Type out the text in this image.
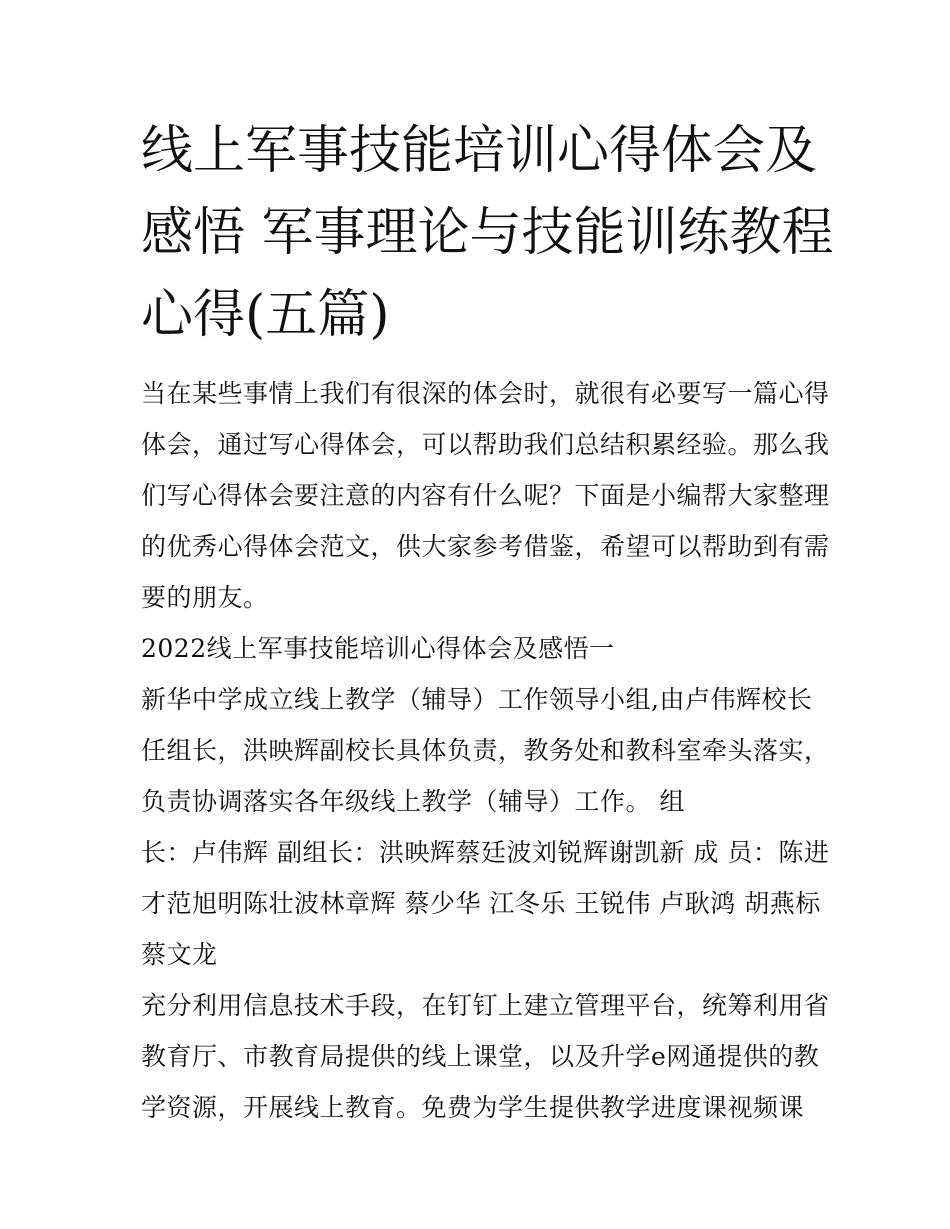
线上军事技能培训心得体会及
感悟 军事理论与技能训练教程
心得(五篇)

当在某些事情上我们有很深的体会时，就很有必要写一篇心得
体会，通过写心得体会，可以帮助我们总结积累经验。那么我
们写心得体会要注意的内容有什么呢？下面是小编帮大家整理
的优秀心得体会范文，供大家参考借鉴，希望可以帮助到有需
要的朋友。

2022线上军事技能培训心得体会及感悟一

新华中学成立线上教学（辅导）工作领导小组,由卢伟辉校长
任组长，洪映辉副校长具体负责，教务处和教科室牵头落实，
负责协调落实各年级线上教学（辅导）工作。 组
长：卢伟辉 副组长：洪映辉蔡廷波刘锐辉谢凯新 成 员：陈进
才范旭明陈壮波林章辉 蔡少华 江冬乐 王锐伟 卢耿鸿 胡燕标
蔡文龙
充分利用信息技术手段，在钉钉上建立管理平台，统筹利用省
教育厅、市教育局提供的线上课堂，以及升学e网通提供的教
学资源，开展线上教育。免费为学生提供教学进度课视频课
